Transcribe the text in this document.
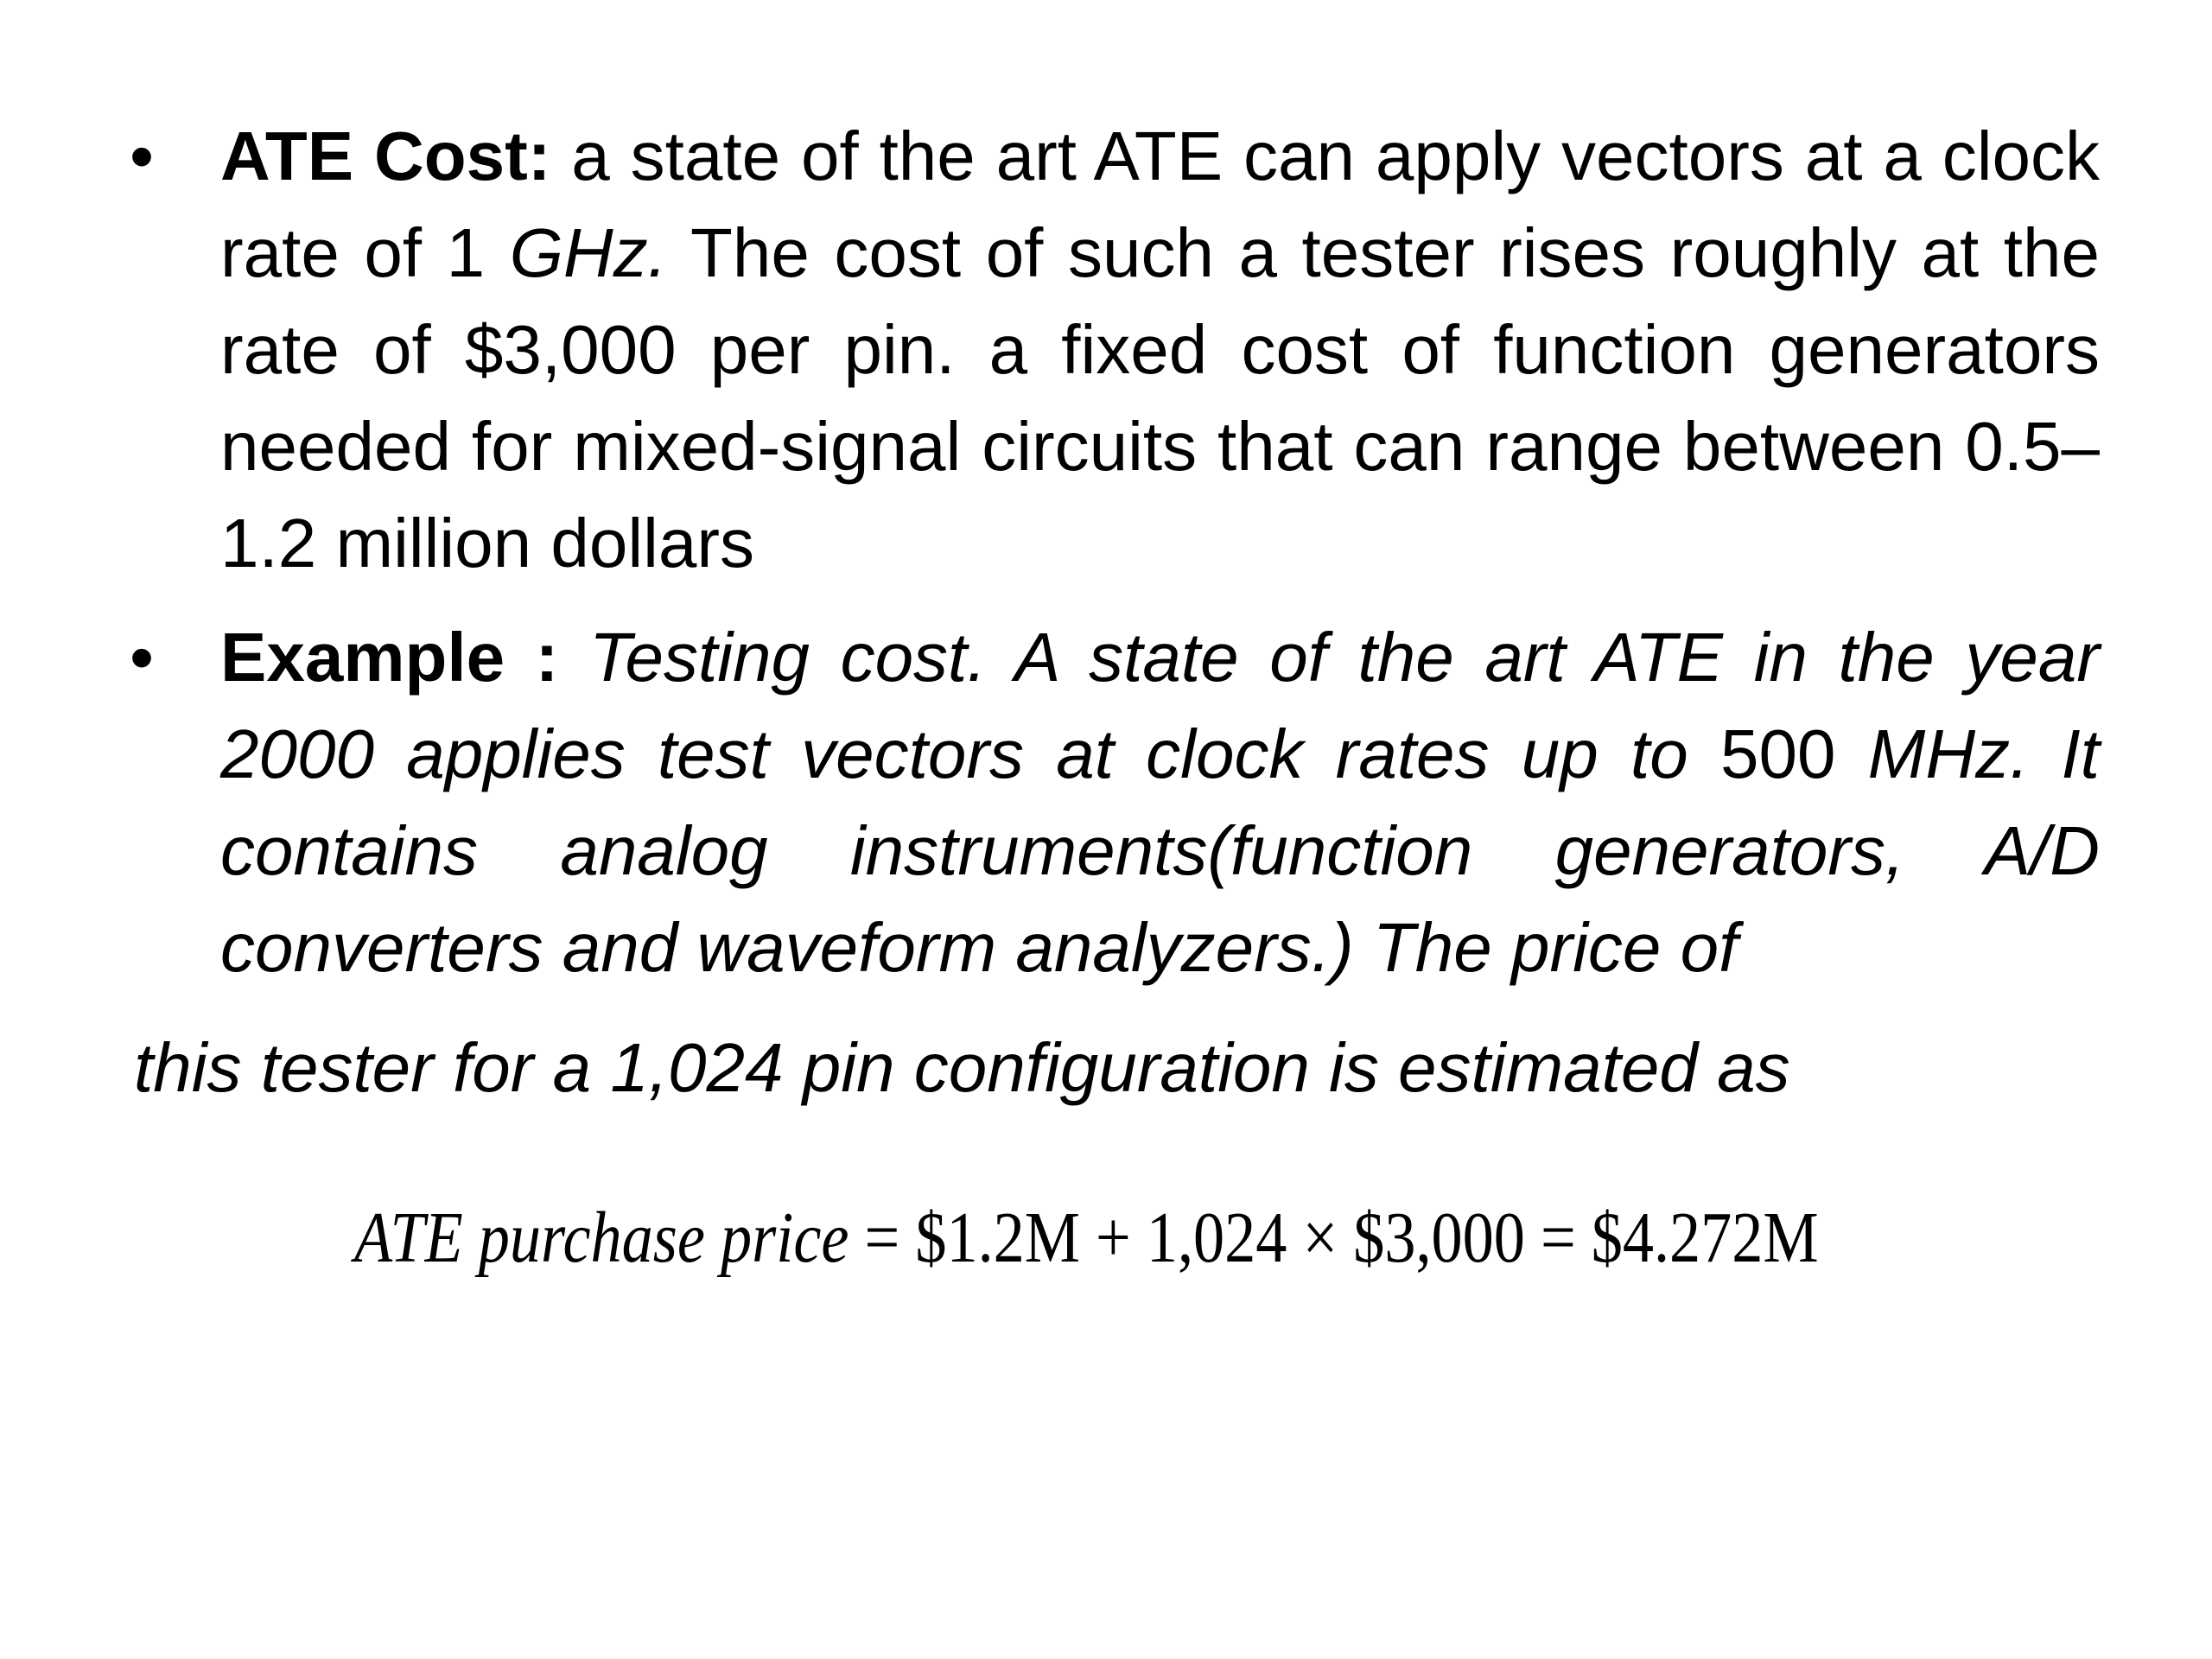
• ATE Cost: a state of the art ATE can apply vectors at a clock rate of 1 GHz. The cost of such a tester rises roughly at the rate of $3,000 per pin. a fixed cost of function generators needed for mixed-signal circuits that can range between 0.5–1.2 million dollars
• Example : Testing cost. A state of the art ATE in the year 2000 applies test vectors at clock rates up to 500 MHz. It contains analog instruments(function generators, A/D converters and waveform analyzers.) The price of
this tester for a 1,024 pin configuration is estimated as
ATE purchase price = $1.2M + 1,024 × $3,000 = $4.272M
